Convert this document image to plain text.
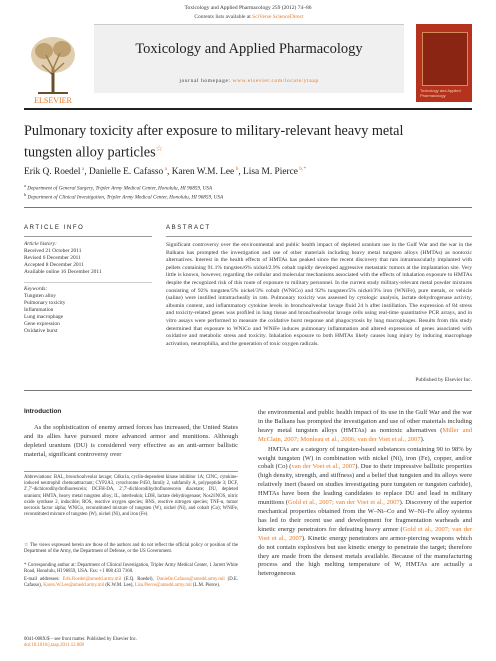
Toxicology and Applied Pharmacology 259 (2012) 74–86
ELSEVIER
Contents lists available at SciVerse ScienceDirect
Toxicology and Applied Pharmacology
journal homepage: www.elsevier.com/locate/ytaap
Toxicology and Applied Pharmacology
Pulmonary toxicity after exposure to military-relevant heavy metal tungsten alloy particles☆
Erik Q. Roedel $^a$, Danielle E. Cafasso $^a$, Karen W.M. Lee $^b$, Lisa M. Pierce $^{b,*}$
$^a$ Department of General Surgery, Tripler Army Medical Center, Honolulu, HI 96859, USA
$^b$ Department of Clinical Investigation, Tripler Army Medical Center, Honolulu, HI 96859, USA
ARTICLE INFO	ABSTRACT
Article history:
Received 21 October 2011
Revised 6 December 2011
Accepted 8 December 2011
Available online 16 December 2011
Keywords:
Tungsten alloy
Pulmonary toxicity
Inflammation
Lung macrophage
Gene expression
Oxidative burst
Significant controversy over the environmental and public health impact of depleted uranium use in the Gulf War and the war in the Balkans has prompted the investigation and use of other materials including heavy metal tungsten alloys (HMTAs) as nontoxic alternatives. Interest in the health effects of HMTAs has peaked since the recent discovery that rats intramuscularly implanted with pellets containing 91.1% tungsten/6% nickel/2.9% cobalt rapidly developed aggressive metastatic tumors at the implantation site. Very little is known, however, regarding the cellular and molecular mechanisms associated with the effects of inhalation exposure to HMTAs despite the recognized risk of this route of exposure to military personnel. In the current study military-relevant metal powder mixtures consisting of 92% tungsten/5% nickel/3% cobalt (WNiCo) and 92% tungsten/5% nickel/3% iron (WNiFe), pure metals, or vehicle (saline) were instilled intratracheally in rats. Pulmonary toxicity was assessed by cytologic analysis, lactate dehydrogenase activity, albumin content, and inflammatory cytokine levels in bronchoalveolar lavage fluid 24 h after instillation. The expression of 84 stress and toxicity-related genes was profiled in lung tissue and bronchoalveolar lavage cells using real-time quantitative PCR arrays, and in vitro assays were performed to measure the oxidative burst response and phagocytosis by lung macrophages. Results from this study determined that exposure to WNiCo and WNiFe induces pulmonary inflammation and altered expression of genes associated with oxidative and metabolic stress and toxicity. Inhalation exposure to both HMTAs likely causes lung injury by inducing macrophage activation, neutrophilia, and the generation of toxic oxygen radicals.
Published by Elsevier Inc.
Introduction
As the sophistication of enemy armed forces has increased, the United States and its allies have pursued more advanced armor and munitions. Although depleted uranium (DU) is considered very effective as an anti-armor ballistic material, significant controversy over
Abbreviations: BAL, bronchoalveolar lavage; Cdkn1a, cyclin-dependent kinase inhibitor 1A; CINC, cytokine-induced neutrophil chemoattractant; CYP2A3, cytochrome P450, family 2, subfamily A, polypeptide 3; DCF, 2′,7′-dichlorodihydrofluorescein; DCFH-DA, 2′,7′-dichlorodihydrofluorescein diacetate; DU, depleted uranium; HMTA, heavy metal tungsten alloy; IL, interleukin; LDH, lactate dehydrogenase; Nos2/iNOS, nitric oxide synthase 2, inducible; ROS, reactive oxygen species; RNS, reactive nitrogen species; TNF-α, tumor necrosis factor alpha; WNiCo, reconstituted mixture of tungsten (W), nickel (Ni), and cobalt (Co); WNiFe, reconstituted mixture of tungsten (W), nickel (Ni), and iron (Fe).
☆ The views expressed herein are those of the authors and do not reflect the official policy or position of the Department of the Army, the Department of Defense, or the US Government.
* Corresponding author at: Department of Clinical Investigation, Tripler Army Medical Center, 1 Jarrett White Road, Honolulu, HI 96859, USA. Fax: +1 808 433 7160.
E-mail addresses: Erik.Roedel@amedd.army.mil (E.Q. Roedel), Danielle.Cafasso@amedd.army.mil (D.E. Cafasso), Karen.W.Lee@amedd.army.mil (K.W.M. Lee), Lisa.Pierce@amedd.army.mil (L.M. Pierce).
0041-008X/$ – see front matter. Published by Elsevier Inc.
doi:10.1016/j.taap.2011.12.008
the environmental and public health impact of its use in the Gulf War and the war in the Balkans has prompted the investigation and use of other materials including heavy metal tungsten alloys (HMTAs) as nontoxic alternatives (Miller and McClain, 2007; Monleau et al., 2006; van der Voet et al., 2007).
HMTAs are a category of tungsten-based substances containing 90 to 98% by weight tungsten (W) in combination with nickel (Ni), iron (Fe), copper, and/or cobalt (Co) (van der Voet et al., 2007). Due to their impressive ballistic properties (high density, strength, and stiffness) and a belief that tungsten and its alloys were relatively inert (based on studies investigating pure tungsten or tungsten carbide), HMTAs have been the leading candidates to replace DU and lead in military munitions (Gold et al., 2007; van der Voet et al., 2007). Discovery of the superior mechanical properties obtained from the W–Ni–Co and W–Ni–Fe alloy systems has led to their recent use and development for fragmentation warheads and kinetic energy penetrators for defeating heavy armor (Gold et al., 2007; van der Voet et al., 2007). Kinetic energy penetrators are armor-piercing weapons which do not contain explosives but use kinetic energy to penetrate the target; therefore they are made from the densest metals available. Because of the manufacturing process and the high melting temperature of W, HMTAs are actually a heterogeneous
